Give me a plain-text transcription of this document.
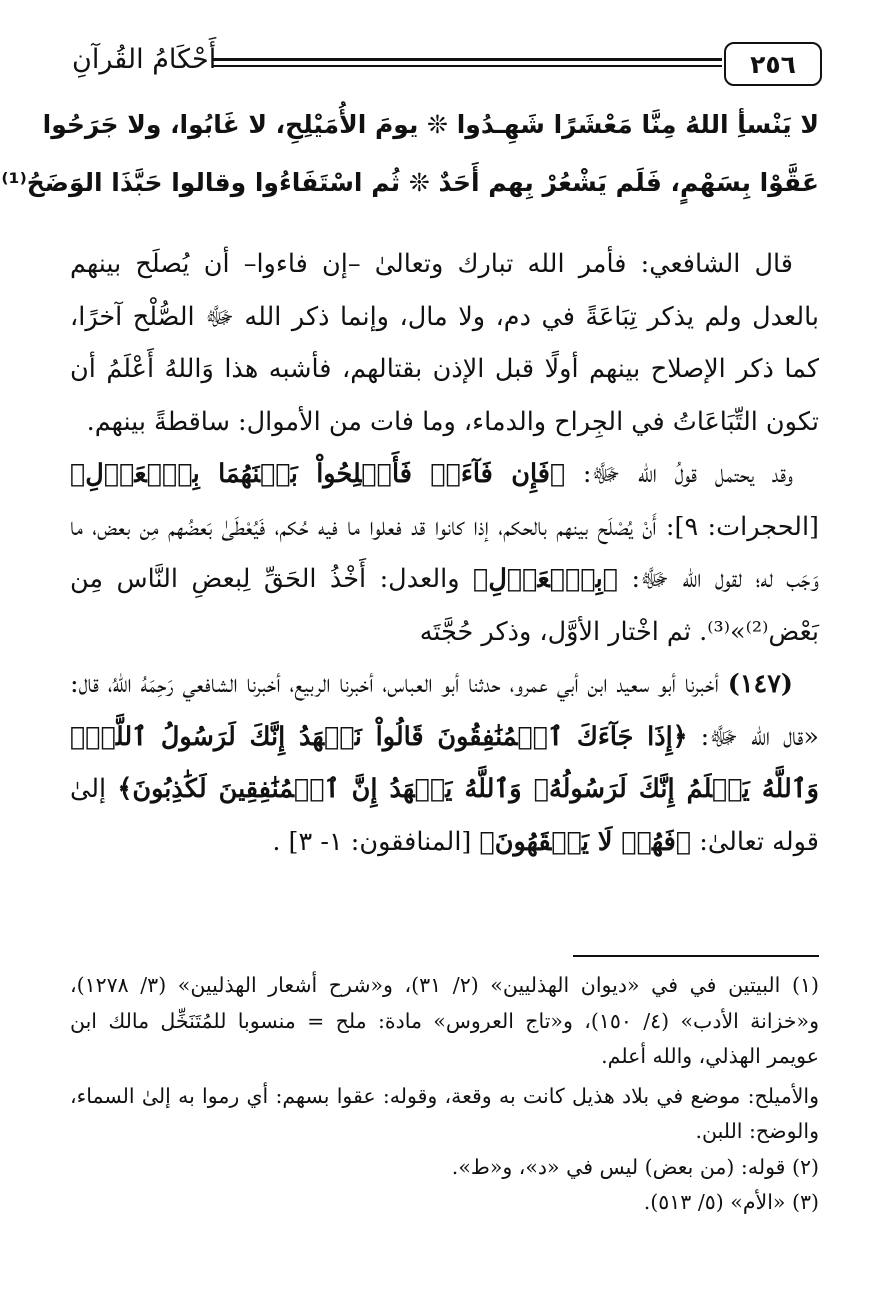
٢٥٦
أَحْكَامُ القُرآنِ
لا يَنْسأِ اللهُ مِنَّا مَعْشَرًا شَهِـدُوا ❊ يومَ الأُمَيْلِحِ، لا غَابُوا، ولا جَرَحُوا
عَقَّوْا بِسَهْمٍ، فَلَم يَشْعُرْ بِهم أَحَدٌ ❊ ثُم اسْتَفَاءُوا وقالوا حَبَّذَا الوَضَحُ⁽¹⁾

قال الشافعي: فأمر الله تبارك وتعالىٰ –إن فاءوا– أن يُصلَح بينهم بالعدل ولم يذكر تِبَاعَةً في دم، ولا مال، وإنما ذكر الله ﷻ الصُّلْح آخرًا، كما ذكر الإصلاح بينهم أولًا قبل الإذن بقتالهم، فأشبه هذا وَاللهُ أَعْلَمُ أن تكون التِّبَاعَاتُ في الجِراح والدماء، وما فات من الأموال: ساقطةً بينهم.

وقد يحتمل قولُ الله ﷻ: ﴿فَإِن فَآءَتۡ فَأَصۡلِحُواْ بَيۡنَهُمَا بِٱلۡعَدۡلِ﴾ [الحجرات: ٩]: أَنْ يُصْلَح بينهم بالحكم، إذا كانوا قد فعلوا ما فيه حُكم، فَيُعْطَىٰ بَعضُهم مِن بعض، ما وَجَب له؛ لقول الله ﷻ: ﴿بِٱلۡعَدۡلِ﴾ والعدل: أَخْذُ الحَقِّ لِبعضِ النَّاس مِن بَعْض⁽²⁾»⁽³⁾. ثم اخْتار الأوَّل، وذكر حُجَّتَه

(١٤٧) أخبرنا أبو سعيد ابن أبي عمرو، حدثنا أبو العباس، أخبرنا الربيع، أخبرنا الشافعي رَحِمَهُ اللهُ، قال: «قال الله ﷻ: ﴿إِذَا جَآءَكَ ٱلۡمُنَٰفِقُونَ قَالُواْ نَشۡهَدُ إِنَّكَ لَرَسُولُ ٱللَّهِۗ وَٱللَّهُ يَعۡلَمُ إِنَّكَ لَرَسُولُهُۥ وَٱللَّهُ يَشۡهَدُ إِنَّ ٱلۡمُنَٰفِقِينَ لَكَٰذِبُونَ﴾ إلىٰ قوله تعالىٰ: ﴿فَهُمۡ لَا يَفۡقَهُونَ﴾ [المنافقون: ١- ٣] .

(١) البيتين في في «ديوان الهذليين» (٢/ ٣١)، و«شرح أشعار الهذليين» (٣/ ١٢٧٨)، و«خزانة الأدب» (٤/ ١٥٠)، و«تاج العروس» مادة: ملح = منسوبا للمُتَنَخِّل مالك ابن عويمر الهذلي، والله أعلم.

والأميلح: موضع في بلاد هذيل كانت به وقعة، وقوله: عقوا بسهم: أي رموا به إلىٰ السماء، والوضح: اللبن.

(٢) قوله: (من بعض) ليس في «د»، و«ط».

(٣) «الأم» (٥/ ٥١٣).
